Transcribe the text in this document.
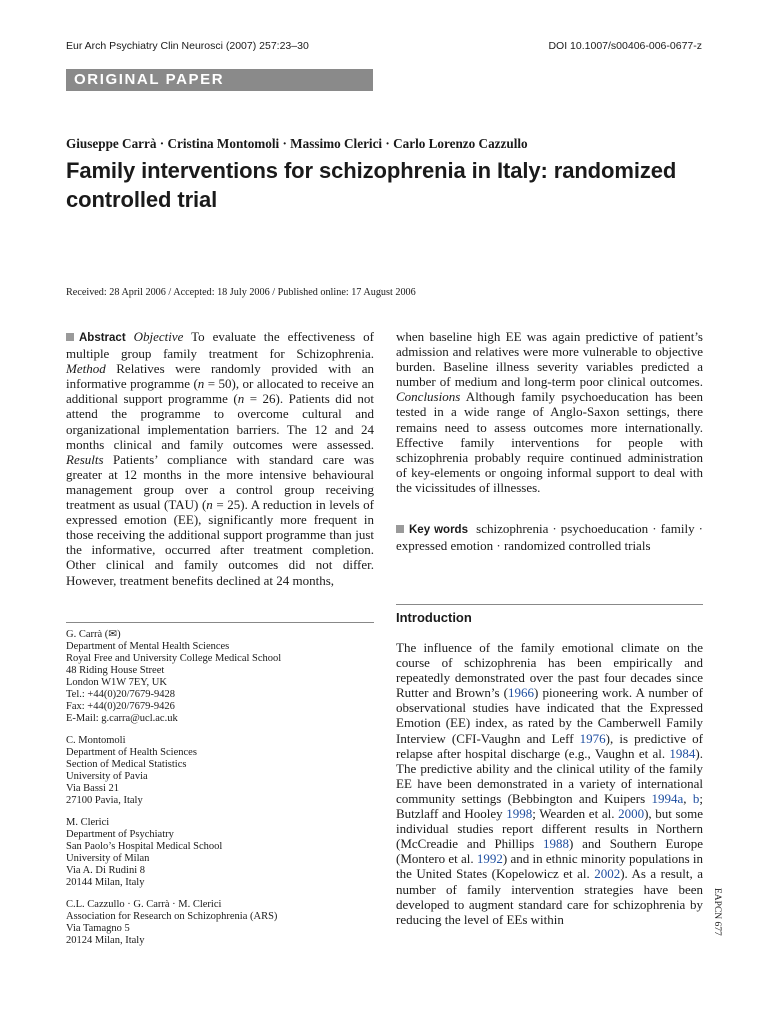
Eur Arch Psychiatry Clin Neurosci (2007) 257:23–30	DOI 10.1007/s00406-006-0677-z
ORIGINAL PAPER
Giuseppe Carrà · Cristina Montomoli · Massimo Clerici · Carlo Lorenzo Cazzullo
Family interventions for schizophrenia in Italy: randomized controlled trial
Received: 28 April 2006 / Accepted: 18 July 2006 / Published online: 17 August 2006

Abstract Objective To evaluate the effectiveness of multiple group family treatment for Schizophrenia. Method Relatives were randomly provided with an informative programme (n = 50), or allocated to receive an additional support programme (n = 26). Patients did not attend the programme to overcome cultural and organizational implementation barriers. The 12 and 24 months clinical and family outcomes were assessed. Results Patients’ compliance with standard care was greater at 12 months in the more intensive behavioural management group over a control group receiving treatment as usual (TAU) (n = 25). A reduction in levels of expressed emotion (EE), significantly more frequent in those receiving the additional support programme than just the informative, occurred after treatment completion. Other clinical and family outcomes did not differ. However, treatment benefits declined at 24 months,

when baseline high EE was again predictive of patient’s admission and relatives were more vulnerable to objective burden. Baseline illness severity variables predicted a number of medium and long-term poor clinical outcomes. Conclusions Although family psychoeducation has been tested in a wide range of Anglo-Saxon settings, there remains need to assess outcomes more internationally. Effective family interventions for people with schizophrenia probably require continued administration of key-elements or ongoing informal support to deal with the vicissitudes of illnesses.

Key words schizophrenia · psychoeducation · family · expressed emotion · randomized controlled trials

Introduction

The influence of the family emotional climate on the course of schizophrenia has been empirically and repeatedly demonstrated over the past four decades since Rutter and Brown’s (1966) pioneering work. A number of observational studies have indicated that the Expressed Emotion (EE) index, as rated by the Camberwell Family Interview (CFI-Vaughn and Leff 1976), is predictive of relapse after hospital discharge (e.g., Vaughn et al. 1984). The predictive ability and the clinical utility of the family EE have been demonstrated in a variety of international community settings (Bebbington and Kuipers 1994a, b; Butzlaff and Hooley 1998; Wearden et al. 2000), but some individual studies report different results in Northern (McCreadie and Phillips 1988) and Southern Europe (Montero et al. 1992) and in ethnic minority populations in the United States (Kopelowicz et al. 2002). As a result, a number of family intervention strategies have been developed to augment standard care for schizophrenia by reducing the level of EEs within

G. Carrà (✉)
Department of Mental Health Sciences
Royal Free and University College Medical School
48 Riding House Street
London W1W 7EY, UK
Tel.: +44(0)20/7679-9428
Fax: +44(0)20/7679-9426
E-Mail: g.carra@ucl.ac.uk
C. Montomoli
Department of Health Sciences
Section of Medical Statistics
University of Pavia
Via Bassi 21
27100 Pavia, Italy
M. Clerici
Department of Psychiatry
San Paolo’s Hospital Medical School
University of Milan
Via A. Di Rudini 8
20144 Milan, Italy
C.L. Cazzullo · G. Carrà · M. Clerici
Association for Research on Schizophrenia (ARS)
Via Tamagno 5
20124 Milan, Italy
EAPCN 677
